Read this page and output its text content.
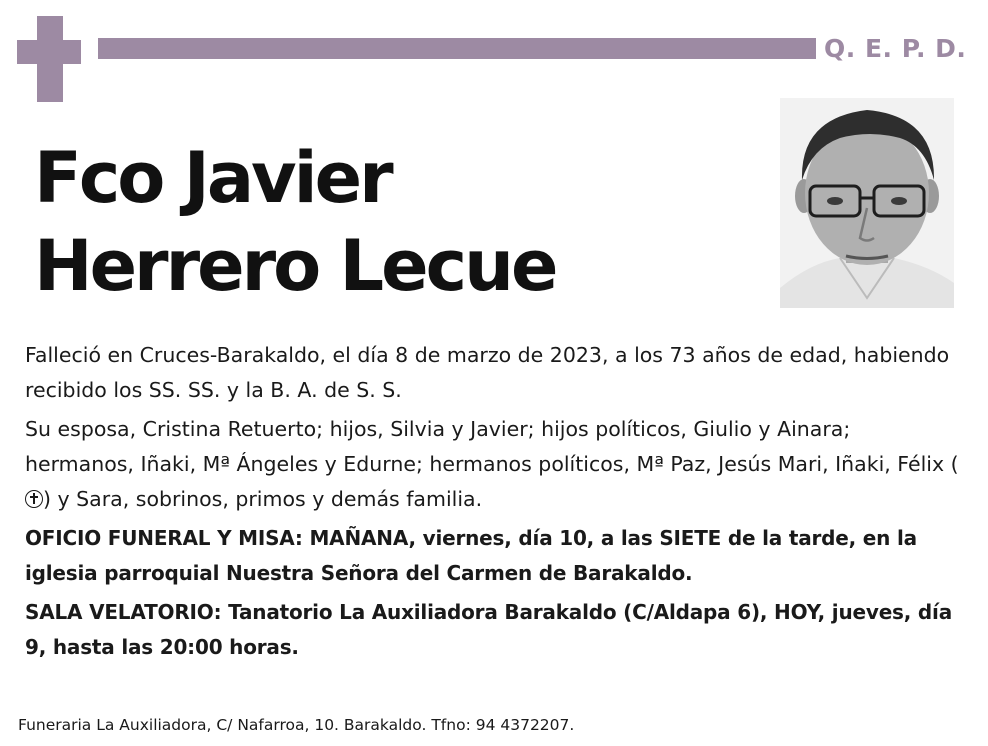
Q. E. P. D.
Fco Javier
Herrero Lecue

Falleció en Cruces-Barakaldo, el día 8 de marzo de 2023, a los 73 años de edad, habiendo recibido los SS. SS. y la B. A. de S. S.

Su esposa, Cristina Retuerto; hijos, Silvia y Javier; hijos políticos, Giulio y Ainara; hermanos, Iñaki, Mª Ángeles y Edurne; hermanos políticos, Mª Paz, Jesús Mari, Iñaki, Félix () y Sara, sobrinos, primos y demás familia.

OFICIO FUNERAL Y MISA: MAÑANA, viernes, día 10, a las SIETE de la tarde, en la iglesia parroquial Nuestra Señora del Carmen de Barakaldo.

SALA VELATORIO: Tanatorio La Auxiliadora Barakaldo (C/Aldapa 6), HOY, jueves, día 9, hasta las 20:00 horas.

Funeraria La Auxiliadora, C/ Nafarroa, 10. Barakaldo. Tfno: 94 4372207.
